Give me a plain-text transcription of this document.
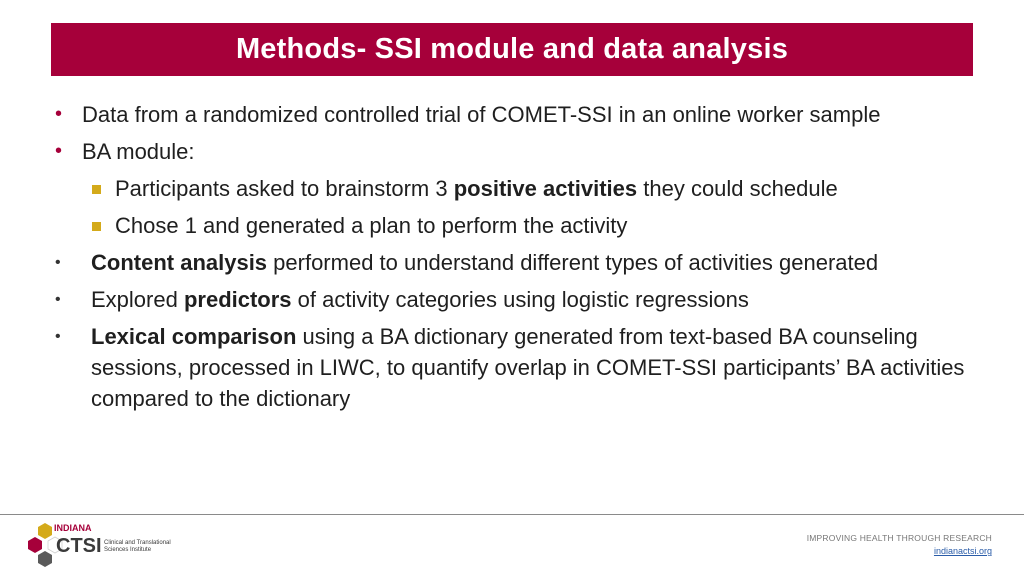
Methods- SSI module and data analysis
• Data from a randomized controlled trial of COMET-SSI in an online worker sample
• BA module:
Participants asked to brainstorm 3 positive activities they could schedule
Chose 1 and generated a plan to perform the activity
•	Content analysis performed to understand different types of activities generated
•	Explored predictors of activity categories using logistic regressions
•	Lexical comparison using a BA dictionary generated from text-based BA counseling sessions, processed in LIWC, to quantify overlap in COMET-SSI participants’ BA activities compared to the dictionary
INDIANA
CTSI Clinical and Translational
Sciences Institute
IMPROVING HEALTH THROUGH RESEARCH
indianactsi.org
